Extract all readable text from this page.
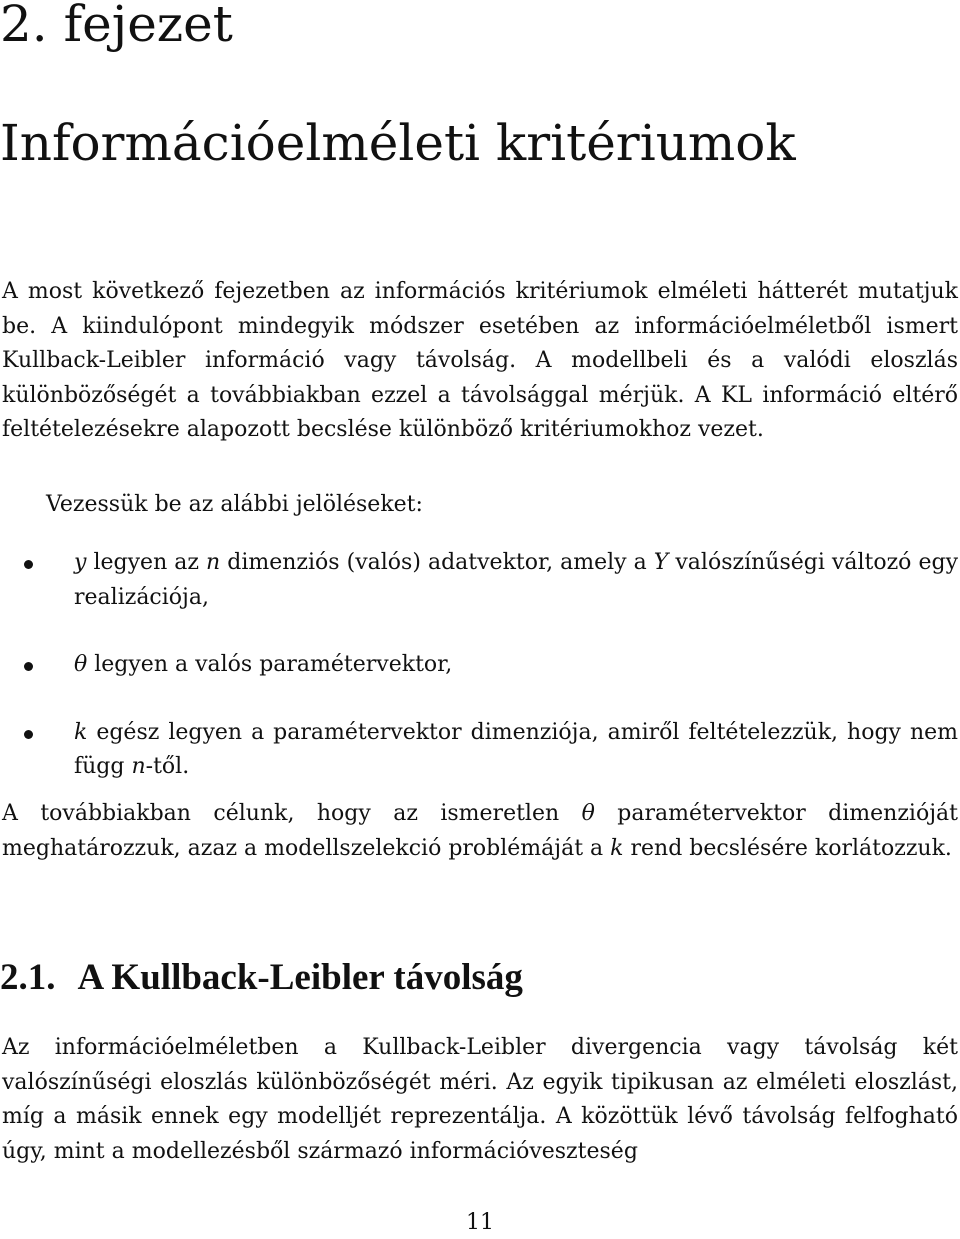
2. fejezet
Információelméleti kritériumok

A most következő fejezetben az információs kritériumok elméleti hátterét mutatjuk be. A kiindulópont mindegyik módszer esetében az információelméletből ismert Kullback-Leibler információ vagy távolság. A modellbeli és a valódi eloszlás különbözőségét a továbbiakban ezzel a távolsággal mérjük. A KL információ eltérő feltételezésekre alapozott becslése különböző kritériumokhoz vezet.

Vezessük be az alábbi jelöléseket:

y legyen az n dimenziós (valós) adatvektor, amely a Y valószínűségi változó egy realizációja,
θ legyen a valós paramétervektor,
k egész legyen a paramétervektor dimenziója, amiről feltételezzük, hogy nem függ n-től.

A továbbiakban célunk, hogy az ismeretlen θ paramétervektor dimenzióját meghatározzuk, azaz a modellszelekció problémáját a k rend becslésére korlátozzuk.

2.1. A Kullback-Leibler távolság

Az információelméletben a Kullback-Leibler divergencia vagy távolság két valószínűségi eloszlás különbözőségét méri. Az egyik tipikusan az elméleti eloszlást, míg a másik ennek egy modelljét reprezentálja. A közöttük lévő távolság felfogható úgy, mint a modellezésből származó információveszteség

11
